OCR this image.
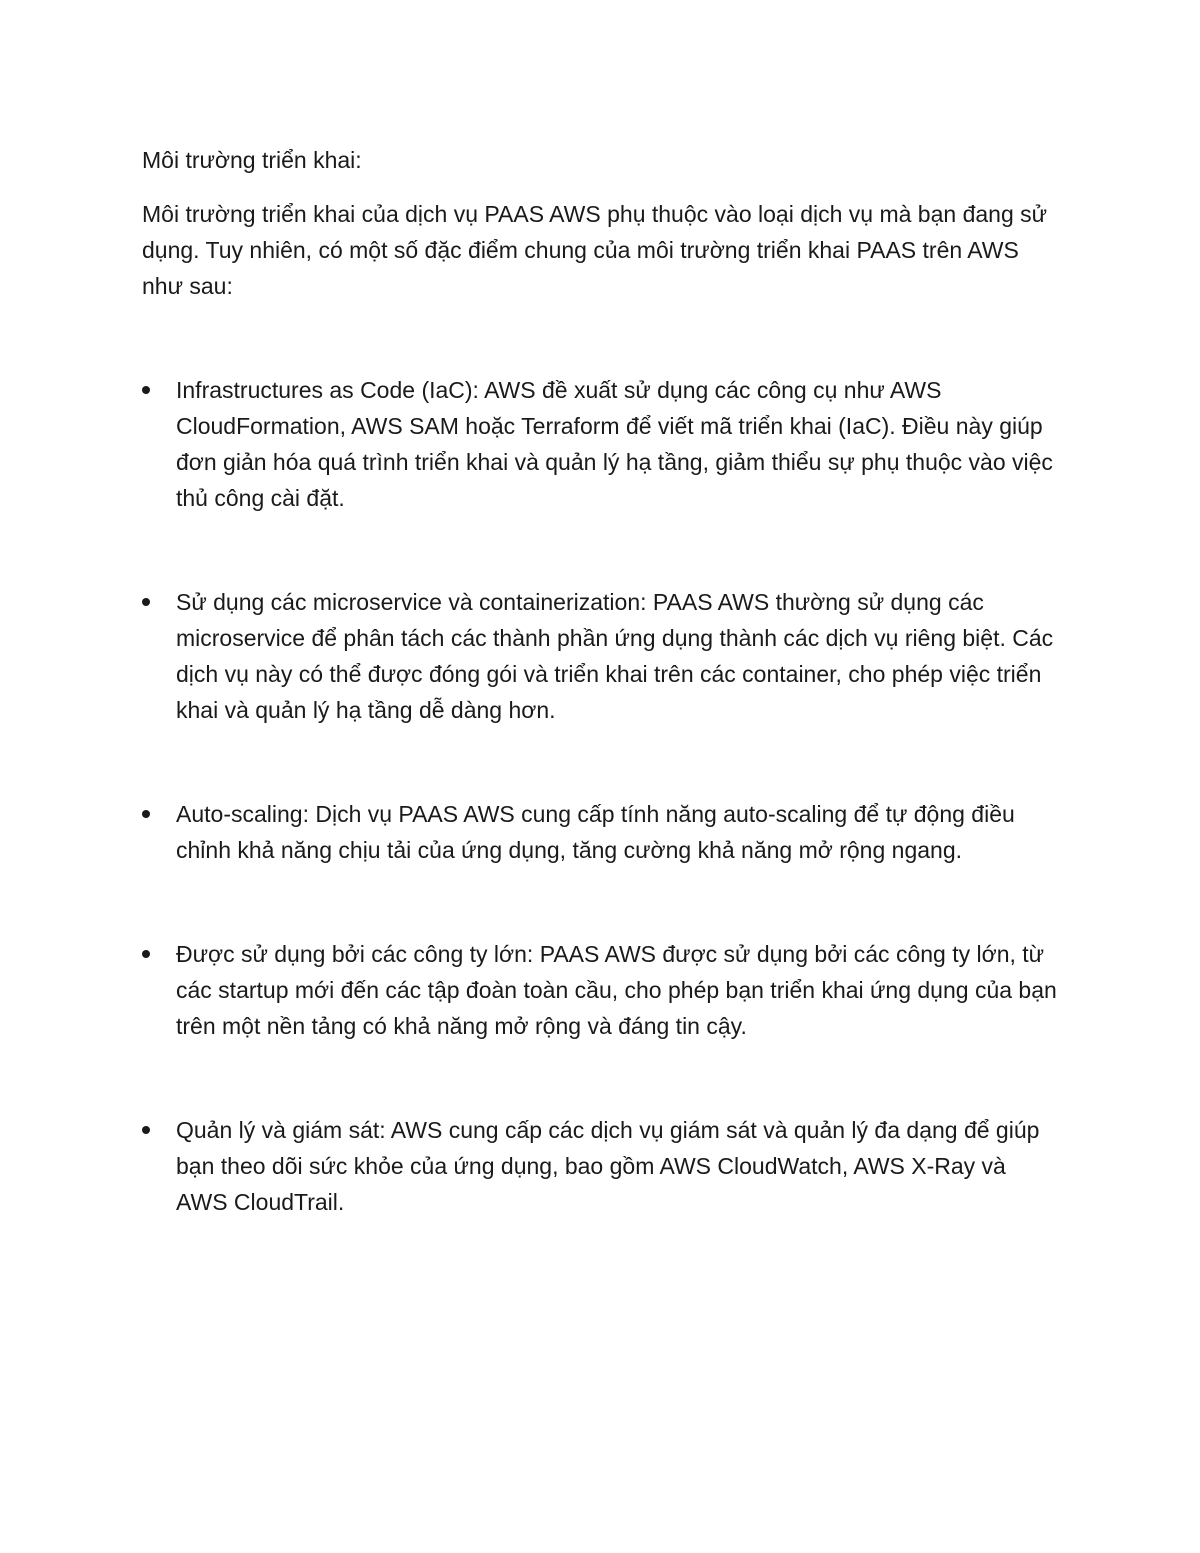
Môi trường triển khai:

Môi trường triển khai của dịch vụ PAAS AWS phụ thuộc vào loại dịch vụ mà bạn đang sử dụng. Tuy nhiên, có một số đặc điểm chung của môi trường triển khai PAAS trên AWS như sau:

Infrastructures as Code (IaC): AWS đề xuất sử dụng các công cụ như AWS CloudFormation, AWS SAM hoặc Terraform để viết mã triển khai (IaC). Điều này giúp đơn giản hóa quá trình triển khai và quản lý hạ tầng, giảm thiểu sự phụ thuộc vào việc thủ công cài đặt.
Sử dụng các microservice và containerization: PAAS AWS thường sử dụng các microservice để phân tách các thành phần ứng dụng thành các dịch vụ riêng biệt. Các dịch vụ này có thể được đóng gói và triển khai trên các container, cho phép việc triển khai và quản lý hạ tầng dễ dàng hơn.
Auto-scaling: Dịch vụ PAAS AWS cung cấp tính năng auto-scaling để tự động điều chỉnh khả năng chịu tải của ứng dụng, tăng cường khả năng mở rộng ngang.
Được sử dụng bởi các công ty lớn: PAAS AWS được sử dụng bởi các công ty lớn, từ các startup mới đến các tập đoàn toàn cầu, cho phép bạn triển khai ứng dụng của bạn trên một nền tảng có khả năng mở rộng và đáng tin cậy.
Quản lý và giám sát: AWS cung cấp các dịch vụ giám sát và quản lý đa dạng để giúp bạn theo dõi sức khỏe của ứng dụng, bao gồm AWS CloudWatch, AWS X-Ray và AWS CloudTrail.
